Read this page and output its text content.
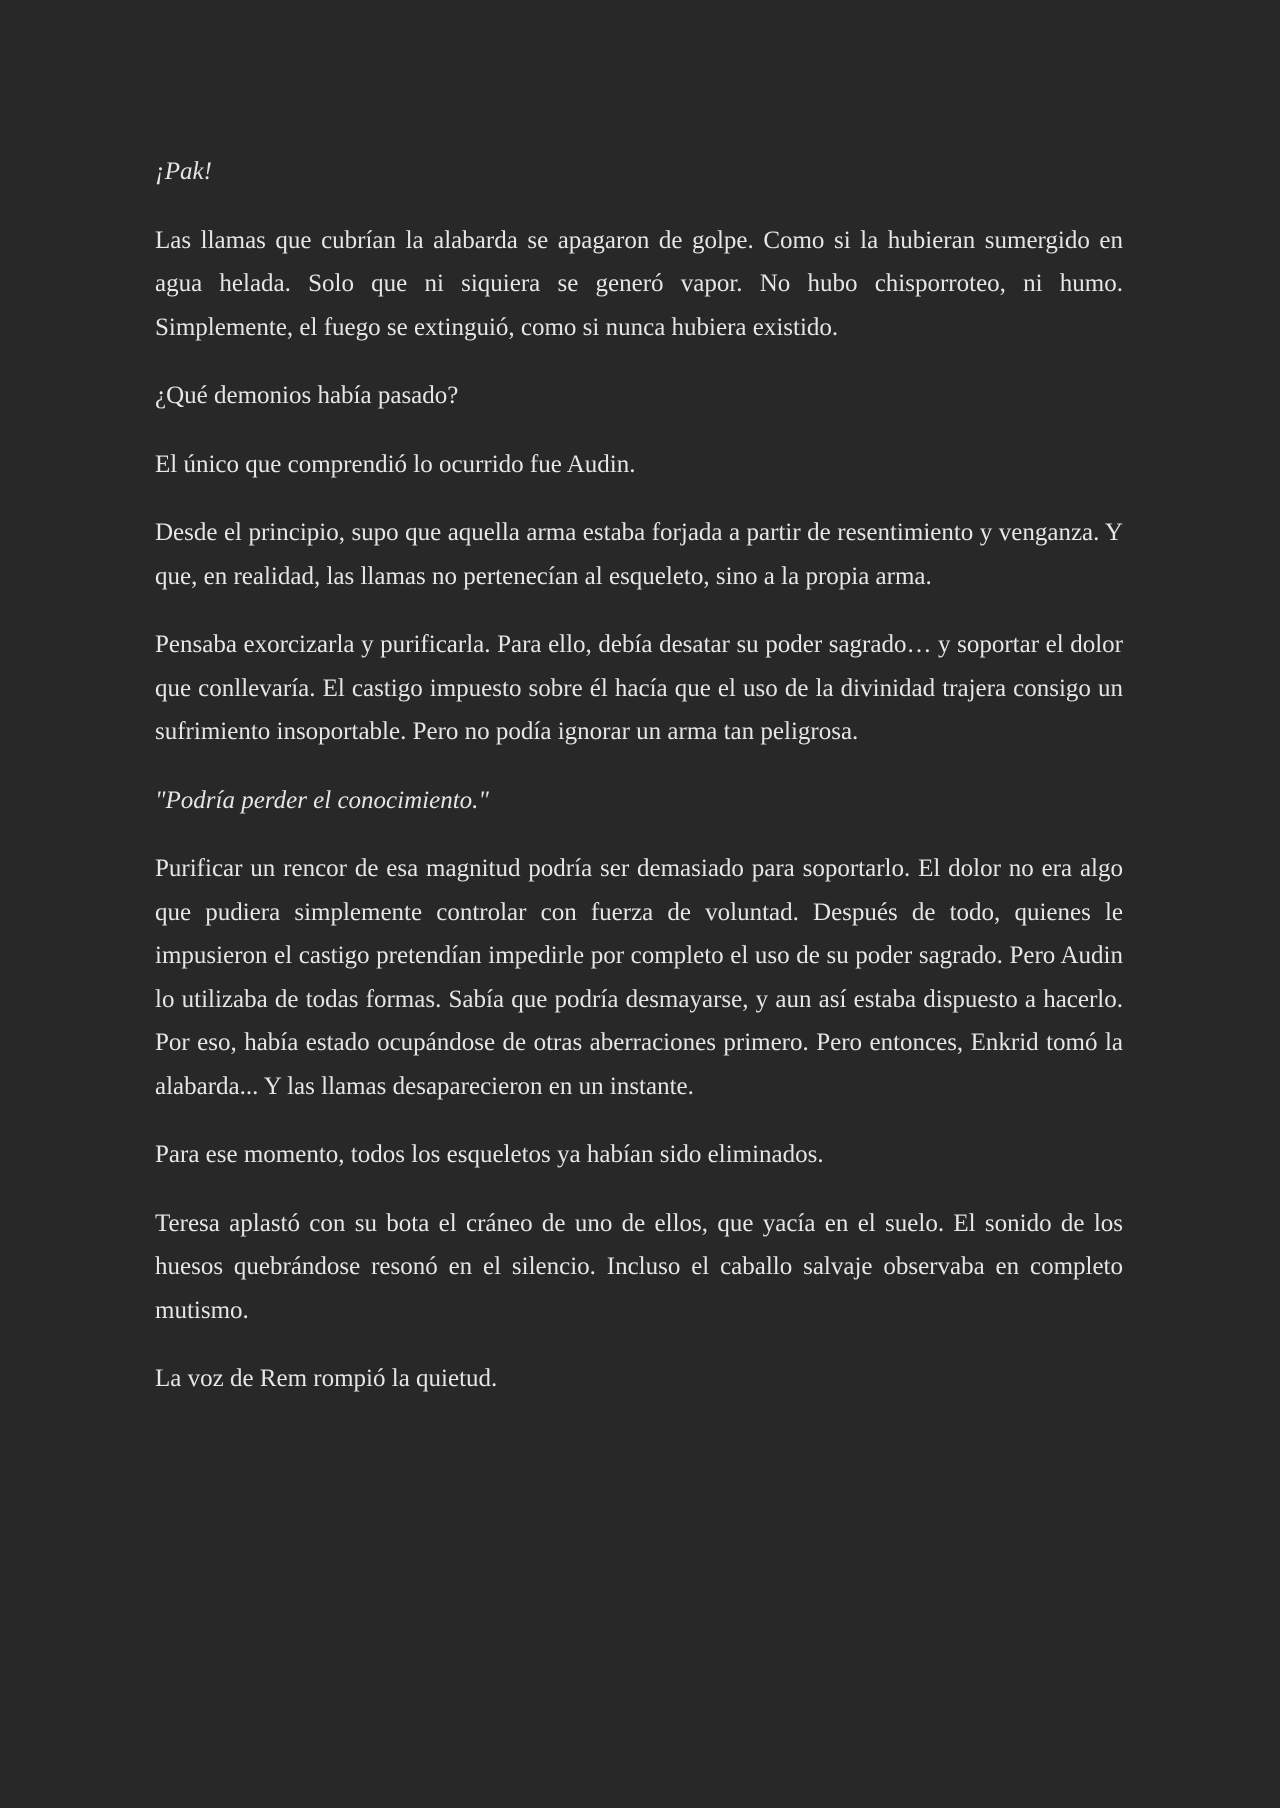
¡Pak!

Las llamas que cubrían la alabarda se apagaron de golpe. Como si la hubieran sumergido en agua helada. Solo que ni siquiera se generó vapor. No hubo chisporroteo, ni humo. Simplemente, el fuego se extinguió, como si nunca hubiera existido.

¿Qué demonios había pasado?

El único que comprendió lo ocurrido fue Audin.

Desde el principio, supo que aquella arma estaba forjada a partir de resentimiento y venganza. Y que, en realidad, las llamas no pertenecían al esqueleto, sino a la propia arma.

Pensaba exorcizarla y purificarla. Para ello, debía desatar su poder sagrado… y soportar el dolor que conllevaría. El castigo impuesto sobre él hacía que el uso de la divinidad trajera consigo un sufrimiento insoportable. Pero no podía ignorar un arma tan peligrosa.

"Podría perder el conocimiento."

Purificar un rencor de esa magnitud podría ser demasiado para soportarlo. El dolor no era algo que pudiera simplemente controlar con fuerza de voluntad. Después de todo, quienes le impusieron el castigo pretendían impedirle por completo el uso de su poder sagrado. Pero Audin lo utilizaba de todas formas. Sabía que podría desmayarse, y aun así estaba dispuesto a hacerlo. Por eso, había estado ocupándose de otras aberraciones primero. Pero entonces, Enkrid tomó la alabarda... Y las llamas desaparecieron en un instante.

Para ese momento, todos los esqueletos ya habían sido eliminados.

Teresa aplastó con su bota el cráneo de uno de ellos, que yacía en el suelo. El sonido de los huesos quebrándose resonó en el silencio. Incluso el caballo salvaje observaba en completo mutismo.

La voz de Rem rompió la quietud.
